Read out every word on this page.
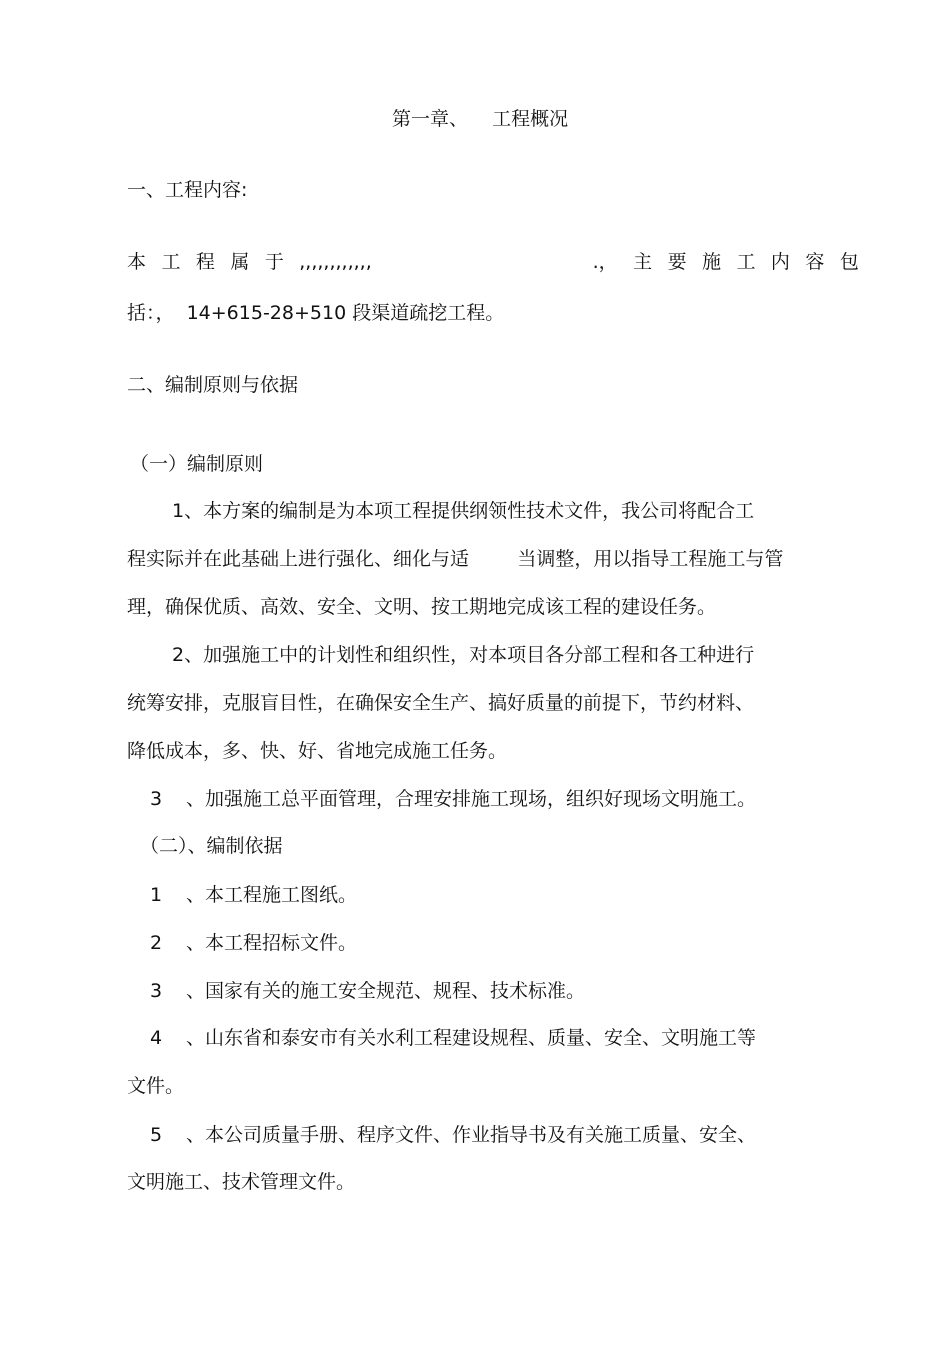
第一章、    工程概况
一、工程内容:
本 工 程 属 于 ,,,,,,,,,,,,	.， 主 要 施 工 内 容 包
括：，  14+615-28+510 段渠道疏挖工程。
二、编制原则与依据
（一）编制原则
1、本方案的编制是为本项工程提供纲领性技术文件，我公司将配合工
程实际并在此基础上进行强化、细化与适        当调整，用以指导工程施工与管
理，确保优质、高效、安全、文明、按工期地完成该工程的建设任务。
2、加强施工中的计划性和组织性，对本项目各分部工程和各工种进行
统筹安排，克服盲目性，在确保安全生产、搞好质量的前提下，节约材料、
降低成本，多、快、好、省地完成施工任务。
3 、加强施工总平面管理，合理安排施工现场，组织好现场文明施工。
（二）、编制依据
1 、本工程施工图纸。
2 、本工程招标文件。
3 、国家有关的施工安全规范、规程、技术标准。
4 、山东省和泰安市有关水利工程建设规程、质量、安全、文明施工等
文件。
5 、本公司质量手册、程序文件、作业指导书及有关施工质量、安全、
文明施工、技术管理文件。
